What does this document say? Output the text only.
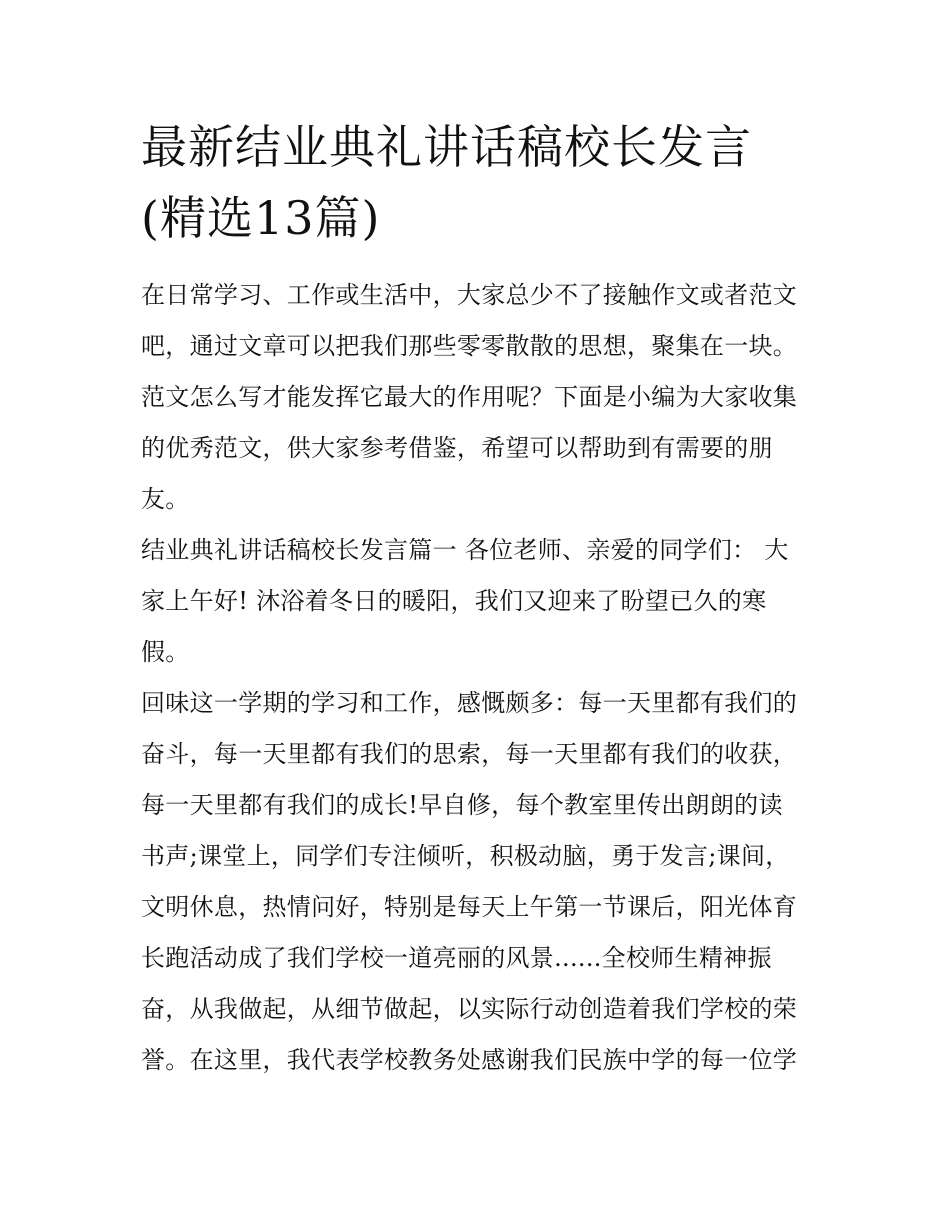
最新结业典礼讲话稿校长发言
(精选13篇)

在日常学习、工作或生活中，大家总少不了接触作文或者范文
吧，通过文章可以把我们那些零零散散的思想，聚集在一块。
范文怎么写才能发挥它最大的作用呢？下面是小编为大家收集
的优秀范文，供大家参考借鉴，希望可以帮助到有需要的朋
友。

结业典礼讲话稿校长发言篇一 各位老师、亲爱的同学们： 大
家上午好! 沐浴着冬日的暖阳，我们又迎来了盼望已久的寒
假。

回味这一学期的学习和工作，感慨颇多：每一天里都有我们的
奋斗，每一天里都有我们的思索，每一天里都有我们的收获，
每一天里都有我们的成长!早自修，每个教室里传出朗朗的读
书声;课堂上，同学们专注倾听，积极动脑，勇于发言;课间，
文明休息，热情问好，特别是每天上午第一节课后，阳光体育
长跑活动成了我们学校一道亮丽的风景......全校师生精神振
奋，从我做起，从细节做起，以实际行动创造着我们学校的荣
誉。在这里，我代表学校教务处感谢我们民族中学的每一位学
